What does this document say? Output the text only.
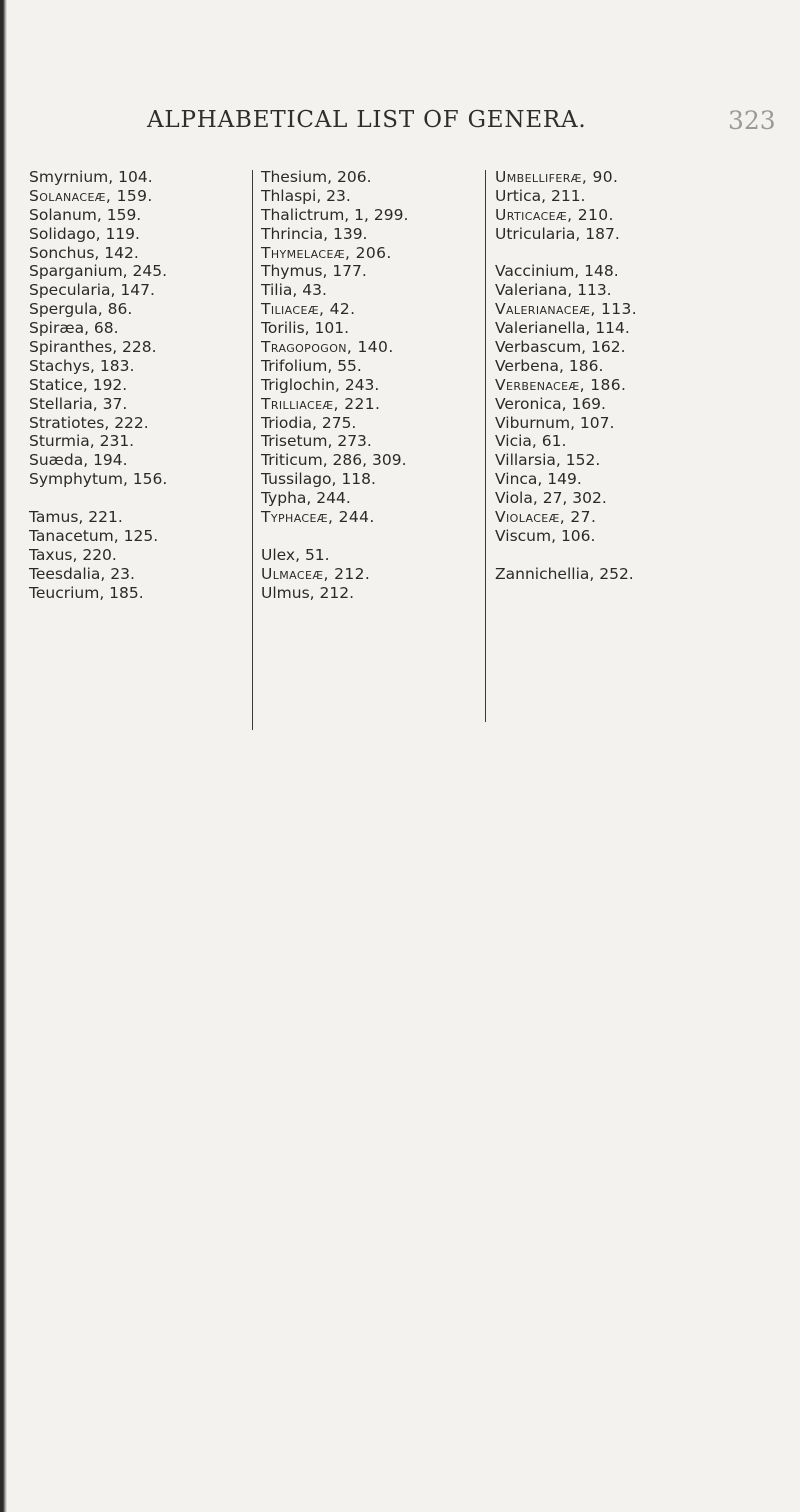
ALPHABETICAL LIST OF GENERA.	323
Smyrnium, 104.
Solanaceæ, 159.
Solanum, 159.
Solidago, 119.
Sonchus, 142.
Sparganium, 245.
Specularia, 147.
Spergula, 86.
Spiræa, 68.
Spiranthes, 228.
Stachys, 183.
Statice, 192.
Stellaria, 37.
Stratiotes, 222.
Sturmia, 231.
Suæda, 194.
Symphytum, 156.
Tamus, 221.
Tanacetum, 125.
Taxus, 220.
Teesdalia, 23.
Teucrium, 185.
Thesium, 206.
Thlaspi, 23.
Thalictrum, 1, 299.
Thrincia, 139.
Thymelaceæ, 206.
Thymus, 177.
Tilia, 43.
Tiliaceæ, 42.
Torilis, 101.
Tragopogon, 140.
Trifolium, 55.
Triglochin, 243.
Trilliaceæ, 221.
Triodia, 275.
Trisetum, 273.
Triticum, 286, 309.
Tussilago, 118.
Typha, 244.
Typhaceæ, 244.
Ulex, 51.
Ulmaceæ, 212.
Ulmus, 212.
Umbelliferæ, 90.
Urtica, 211.
Urticaceæ, 210.
Utricularia, 187.
Vaccinium, 148.
Valeriana, 113.
Valerianaceæ, 113.
Valerianella, 114.
Verbascum, 162.
Verbena, 186.
Verbenaceæ, 186.
Veronica, 169.
Viburnum, 107.
Vicia, 61.
Villarsia, 152.
Vinca, 149.
Viola, 27, 302.
Violaceæ, 27.
Viscum, 106.
Zannichellia, 252.
